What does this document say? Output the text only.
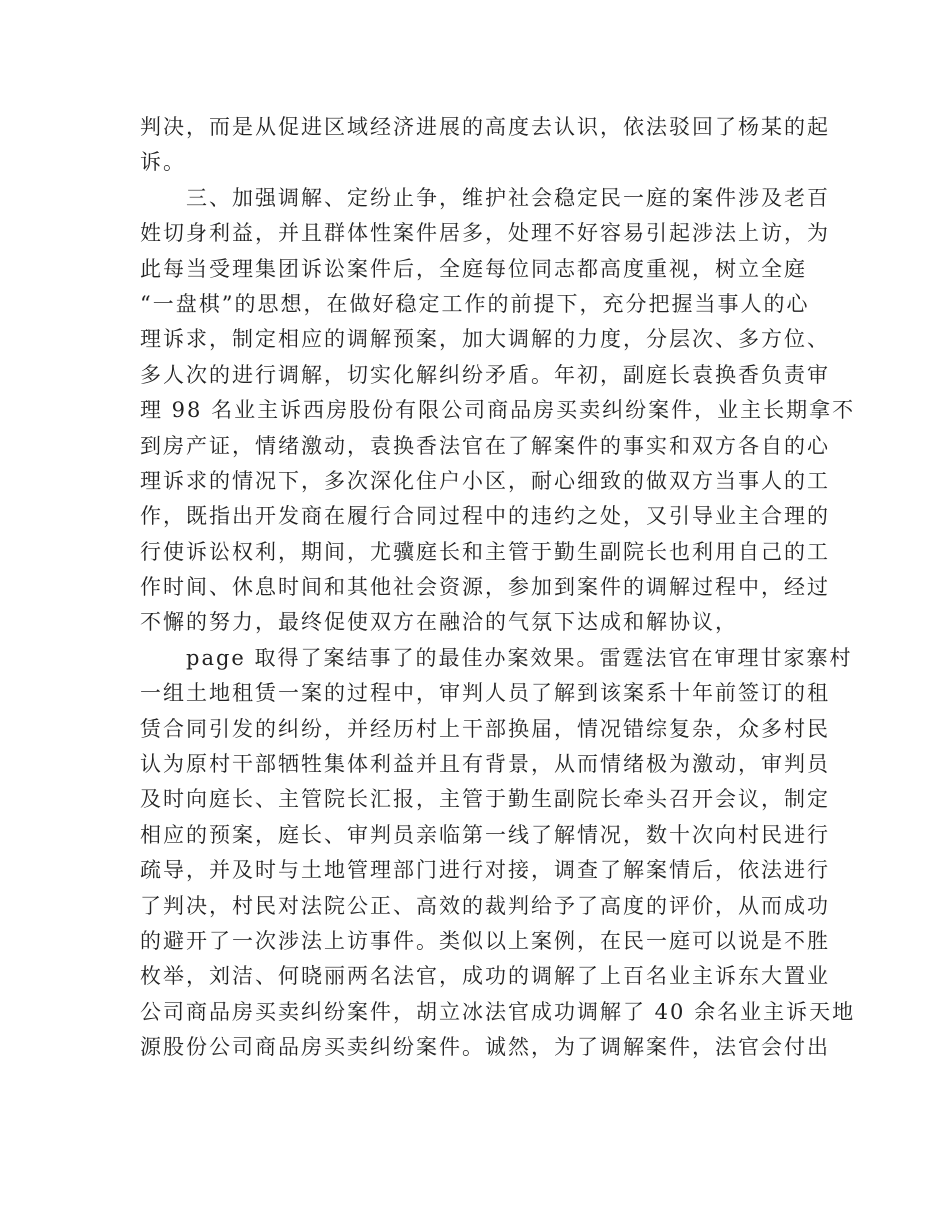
判决，而是从促进区域经济进展的高度去认识，依法驳回了杨某的起
诉。
三、加强调解、定纷止争，维护社会稳定民一庭的案件涉及老百
姓切身利益，并且群体性案件居多，处理不好容易引起涉法上访，为
此每当受理集团诉讼案件后，全庭每位同志都高度重视，树立全庭
“一盘棋”的思想，在做好稳定工作的前提下，充分把握当事人的心
理诉求，制定相应的调解预案，加大调解的力度，分层次、多方位、
多人次的进行调解，切实化解纠纷矛盾。年初，副庭长袁换香负责审
理 98 名业主诉西房股份有限公司商品房买卖纠纷案件，业主长期拿不
到房产证，情绪激动，袁换香法官在了解案件的事实和双方各自的心
理诉求的情况下，多次深化住户小区，耐心细致的做双方当事人的工
作，既指出开发商在履行合同过程中的违约之处，又引导业主合理的
行使诉讼权利，期间，尤骥庭长和主管于勤生副院长也利用自己的工
作时间、休息时间和其他社会资源，参加到案件的调解过程中，经过
不懈的努力，最终促使双方在融洽的气氛下达成和解协议，
page 取得了案结事了的最佳办案效果。雷霆法官在审理甘家寨村
一组土地租赁一案的过程中，审判人员了解到该案系十年前签订的租
赁合同引发的纠纷，并经历村上干部换届，情况错综复杂，众多村民
认为原村干部牺牲集体利益并且有背景，从而情绪极为激动，审判员
及时向庭长、主管院长汇报，主管于勤生副院长牵头召开会议，制定
相应的预案，庭长、审判员亲临第一线了解情况，数十次向村民进行
疏导，并及时与土地管理部门进行对接，调查了解案情后，依法进行
了判决，村民对法院公正、高效的裁判给予了高度的评价，从而成功
的避开了一次涉法上访事件。类似以上案例，在民一庭可以说是不胜
枚举，刘洁、何晓丽两名法官，成功的调解了上百名业主诉东大置业
公司商品房买卖纠纷案件，胡立冰法官成功调解了 40 余名业主诉天地
源股份公司商品房买卖纠纷案件。诚然，为了调解案件，法官会付出
